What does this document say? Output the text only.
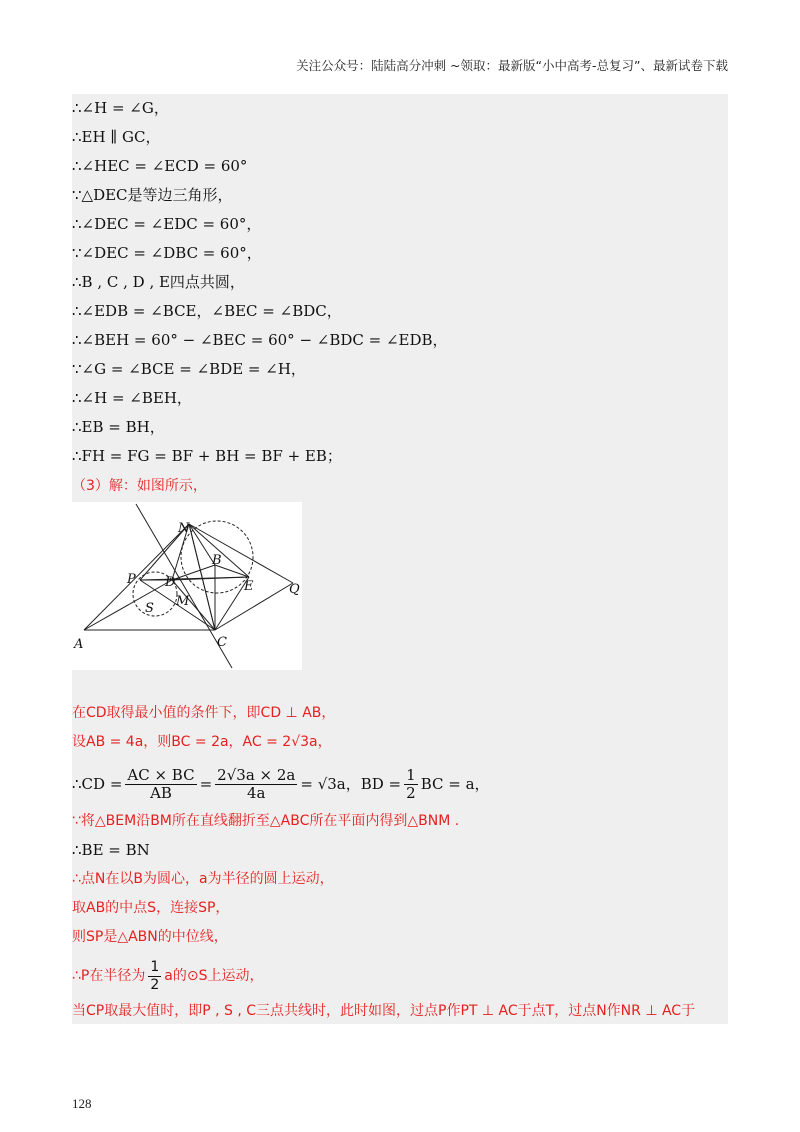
关注公众号：陆陆高分冲刺 ~领取：最新版“小中高考-总复习”、最新试卷下载
∴∠H = ∠G，
∴EH ∥ GC，
∴∠HEC = ∠ECD = 60°
∵△DEC是等边三角形，
∴∠DEC = ∠EDC = 60°，
∵∠DEC = ∠DBC = 60°，
∴B , C , D , E四点共圆，
∴∠EDB = ∠BCE，∠BEC = ∠BDC，
∴∠BEH = 60° − ∠BEC = 60° − ∠BDC = ∠EDB，
∵∠G = ∠BCE = ∠BDE = ∠H，
∴∠H = ∠BEH，
∴EB = BH，
∴FH = FG = BF + BH = BF + EB；
（3）解：如图所示，
N
B
P D	E	Q
M
S
A	C
在CD取得最小值的条件下，即CD ⊥ AB，
设AB = 4a，则BC = 2a，AC = 2√3a，
∴CD = $\frac{AC \times BC}{AB} = \frac{2√3a \times 2a}{4a} = √3a$，BD = $\frac{1}{2}$ BC = a，
∵将△BEM沿BM所在直线翻折至△ABC所在平面内得到△BNM .
∴BE = BN
∴点N在以B为圆心，a为半径的圆上运动，
取AB的中点S，连接SP，
则SP是△ABN的中位线，
∴P在半径为 $\frac{1}{2}$ a的⊙S上运动，
当CP取最大值时，即P , S , C三点共线时，此时如图，过点P作PT ⊥ AC于点T，过点N作NR ⊥ AC于
128
